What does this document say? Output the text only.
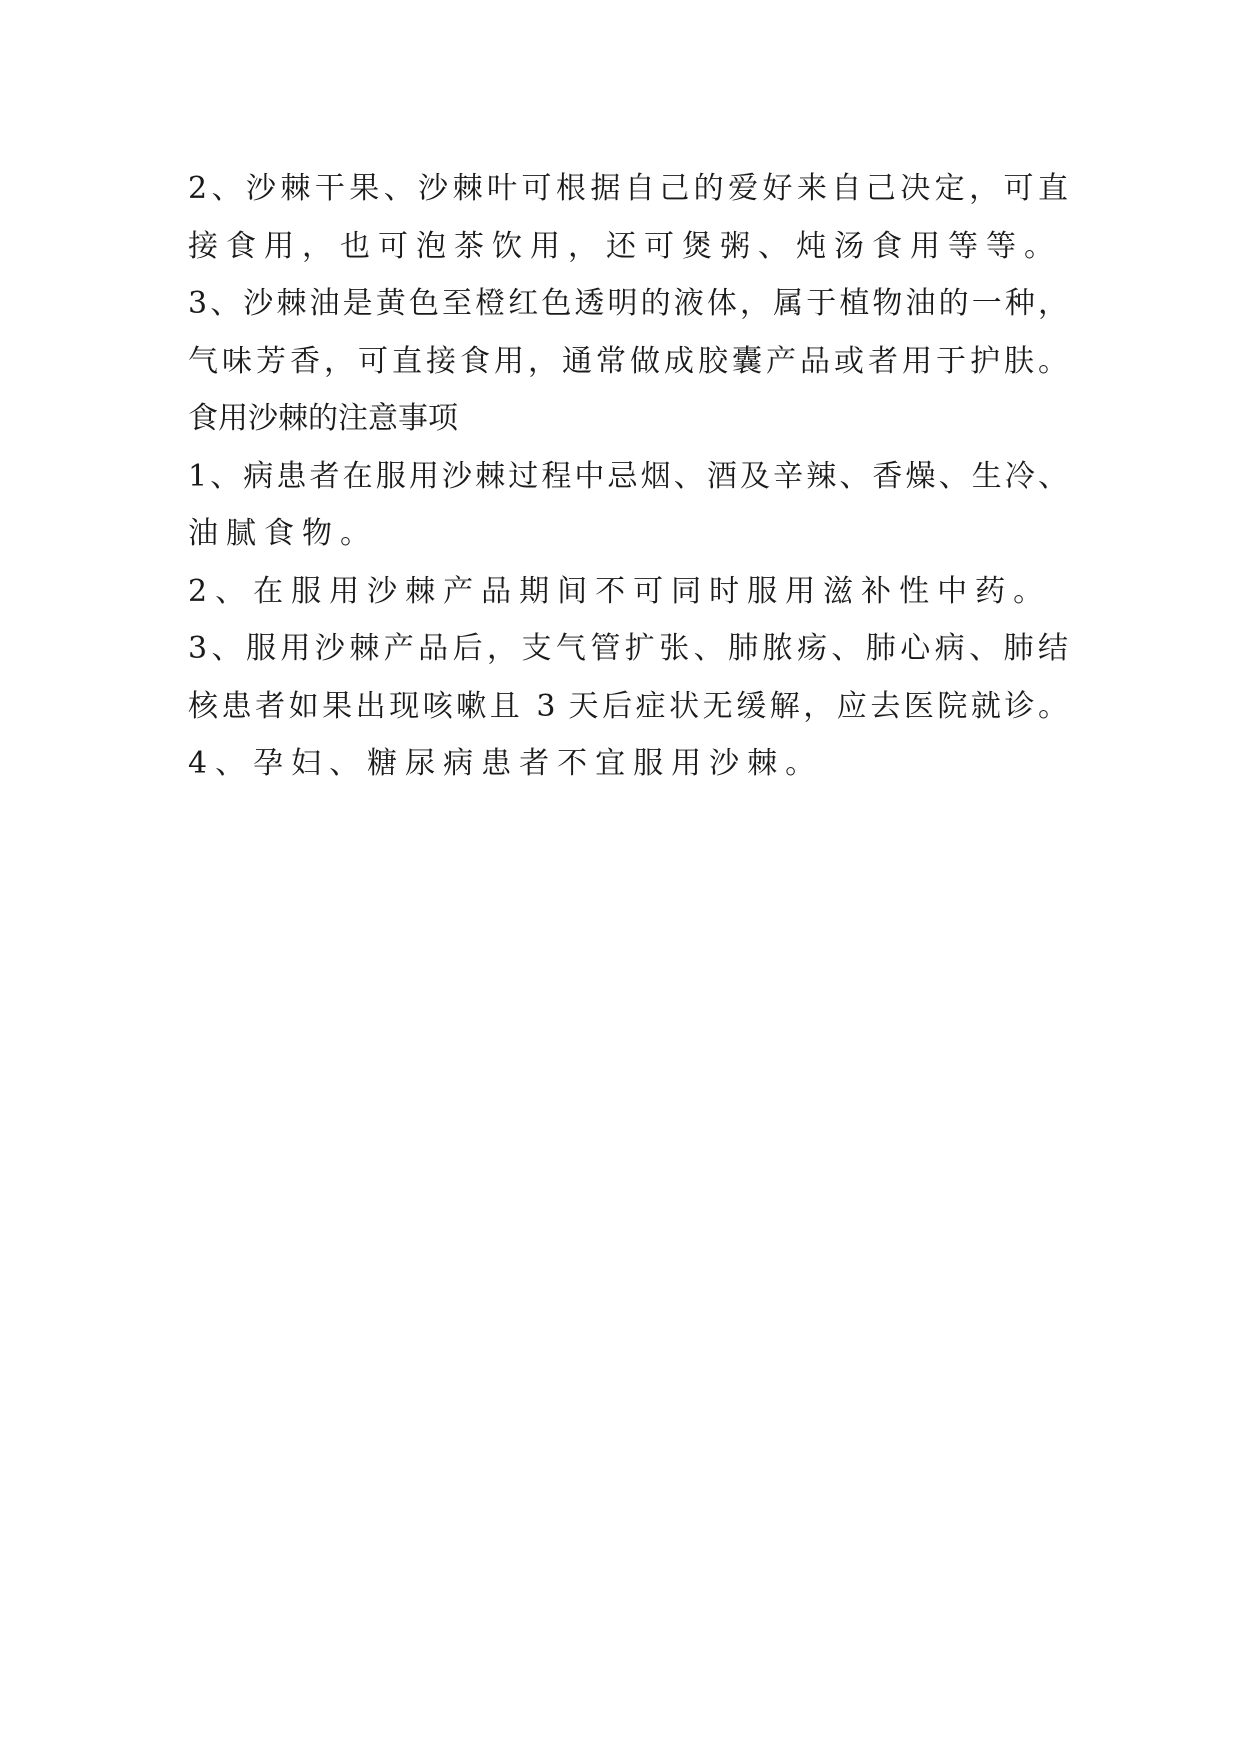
2、沙棘干果、沙棘叶可根据自己的爱好来自己决定，可直
接食用，也可泡茶饮用，还可煲粥、炖汤食用等等。
3、沙棘油是黄色至橙红色透明的液体，属于植物油的一种，
气味芳香，可直接食用，通常做成胶囊产品或者用于护肤。
食用沙棘的注意事项
1、病患者在服用沙棘过程中忌烟、酒及辛辣、香燥、生冷、
油腻食物。
2、在服用沙棘产品期间不可同时服用滋补性中药。
3、服用沙棘产品后，支气管扩张、肺脓疡、肺心病、肺结
核患者如果出现咳嗽且 3 天后症状无缓解，应去医院就诊。
4、孕妇、糖尿病患者不宜服用沙棘。
